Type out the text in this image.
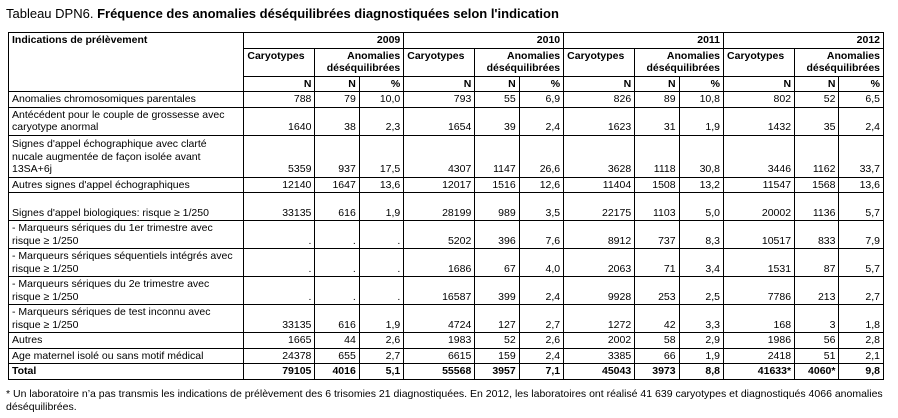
Tableau DPN6. Fréquence des anomalies déséquilibrées diagnostiquées selon l'indication
Indications de prélèvement	2009			2010			2011			2012		
	Caryotypes	Anomalies déséquilibrées		Caryotypes	Anomalies déséquilibrées		Caryotypes	Anomalies déséquilibrées		Caryotypes	Anomalies déséquilibrées	
	N	N	%	N	N	%	N	N	%	N	N	%
Anomalies chromosomiques parentales	788	79	10,0	793	55	6,9	826	89	10,8	802	52	6,5
Antécédent pour le couple de grossesse avec caryotype anormal	1640	38	2,3	1654	39	2,4	1623	31	1,9	1432	35	2,4
Signes d'appel échographique avec clarté nucale augmentée de façon isolée avant 13SA+6j	5359	937	17,5	4307	1147	26,6	3628	1118	30,8	3446	1162	33,7
Autres signes d'appel échographiques	12140	1647	13,6	12017	1516	12,6	11404	1508	13,2	11547	1568	13,6
Signes d'appel biologiques: risque ≥ 1/250	33135	616	1,9	28199	989	3,5	22175	1103	5,0	20002	1136	5,7
- Marqueurs sériques du 1er trimestre avec risque ≥ 1/250	.	.	.	5202	396	7,6	8912	737	8,3	10517	833	7,9
- Marqueurs sériques séquentiels intégrés avec risque ≥ 1/250	.	.	.	1686	67	4,0	2063	71	3,4	1531	87	5,7
- Marqueurs sériques du 2e trimestre avec risque ≥ 1/250	.	.	.	16587	399	2,4	9928	253	2,5	7786	213	2,7
- Marqueurs sériques de test inconnu avec risque ≥ 1/250	33135	616	1,9	4724	127	2,7	1272	42	3,3	168	3	1,8
Autres	1665	44	2,6	1983	52	2,6	2002	58	2,9	1986	56	2,8
Age maternel isolé ou sans motif médical	24378	655	2,7	6615	159	2,4	3385	66	1,9	2418	51	2,1
Total	79105	4016	5,1	55568	3957	7,1	45043	3973	8,8	41633*	4060*	9,8
* Un laboratoire n’a pas transmis les indications de prélèvement des 6 trisomies 21 diagnostiquées. En 2012, les laboratoires ont réalisé 41 639 caryotypes et diagnostiqués 4066 anomalies déséquilibrées.
